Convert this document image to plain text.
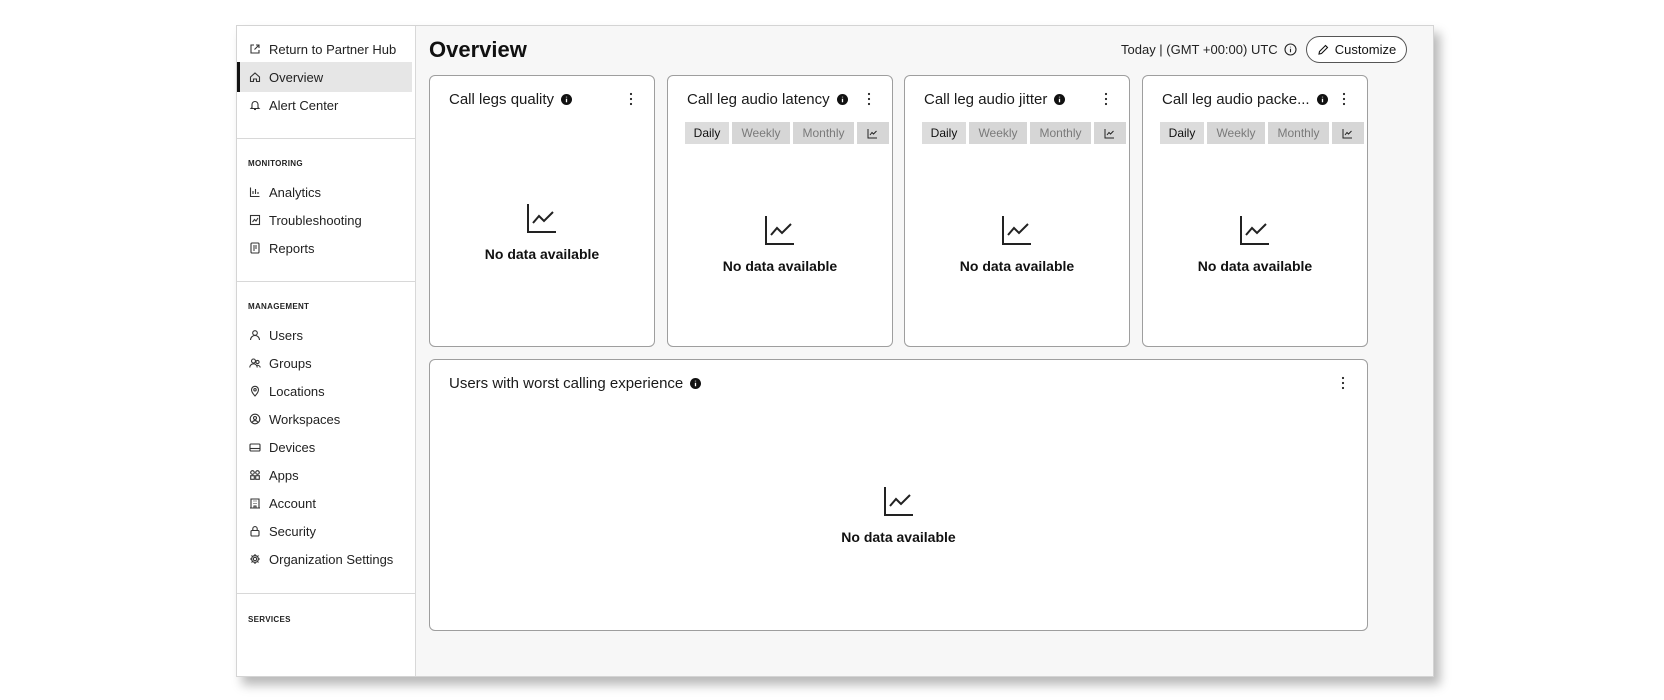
Return to Partner Hub
Overview
Alert Center
MONITORING
Analytics
Troubleshooting
Reports
MANAGEMENT
Users
Groups
Locations
Workspaces
Devices
Apps
Account
Security
Organization Settings
SERVICES
Overview	Today | (GMT +00:00) UTC	Customize
Call legs quality
No data available
Call leg audio latency
Daily	Weekly	Monthly
No data available
Call leg audio jitter
Daily	Weekly	Monthly
No data available
Call leg audio packe...
Daily	Weekly	Monthly
No data available
Users with worst calling experience
No data available
